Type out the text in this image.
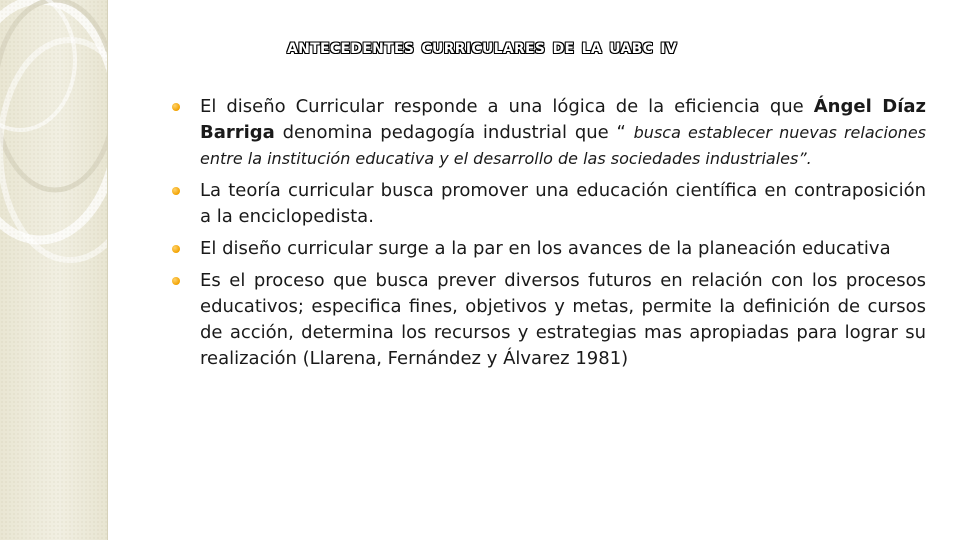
antecedentes curriculares de la uabc iv
El diseño Curricular responde a una lógica de la eficiencia que Ángel Díaz Barriga denomina pedagogía industrial que “ busca establecer nuevas relaciones entre la institución educativa y el desarrollo de las sociedades industriales”.
La teoría curricular busca promover una educación científica en contraposición a la enciclopedista.
El diseño curricular surge a la par en los avances de la planeación educativa
Es el proceso que busca prever diversos futuros en relación con los procesos educativos; especifica fines, objetivos y metas, permite la definición de cursos de acción, determina los recursos y estrategias mas apropiadas para lograr su realización (Llarena, Fernández y Álvarez 1981)
